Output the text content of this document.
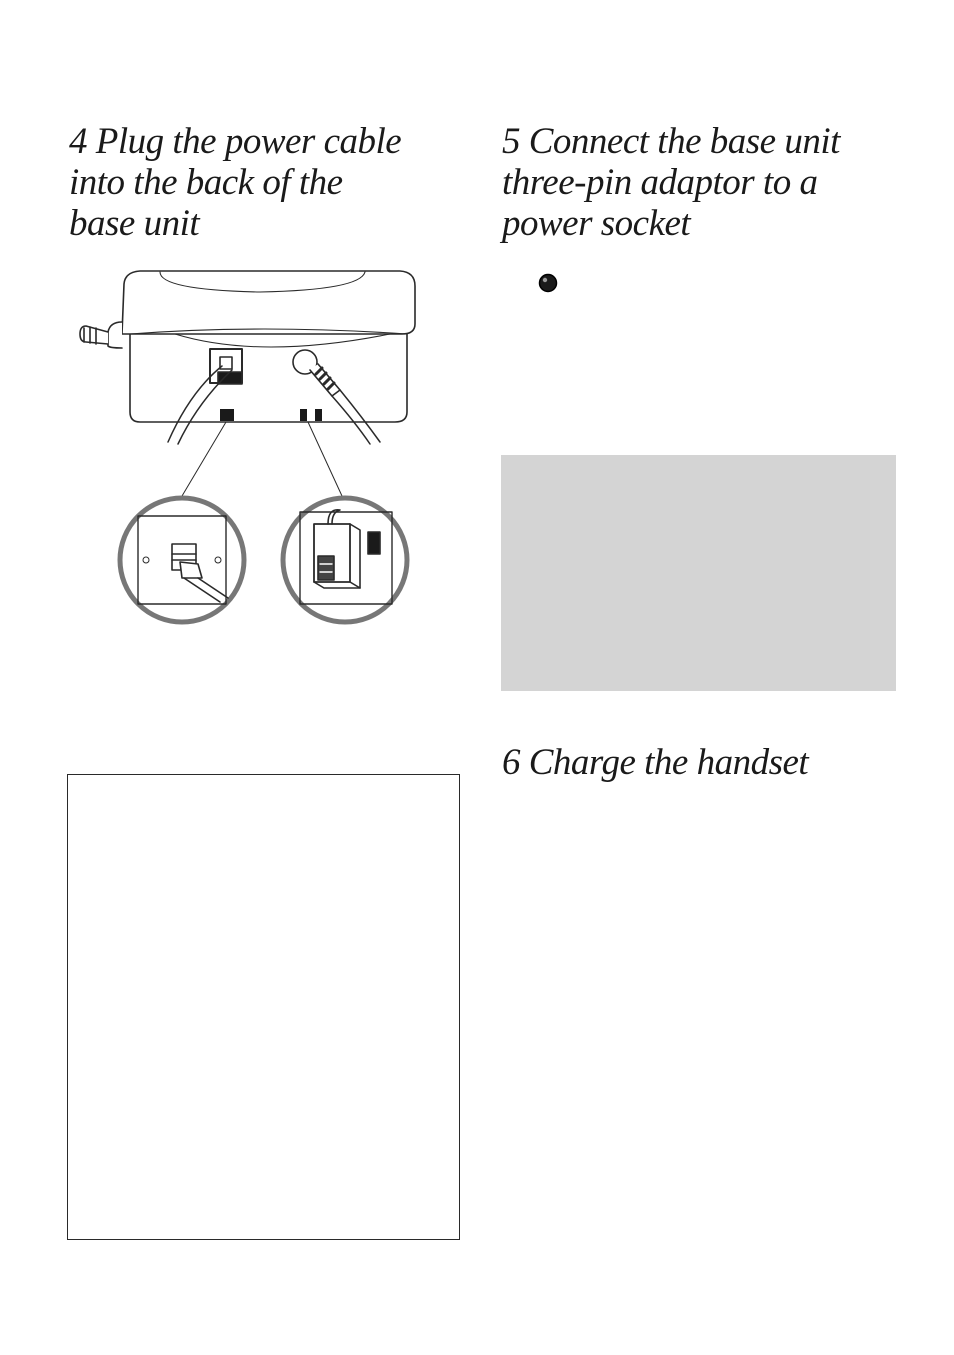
4 Plug the power cable
into the back of the
base unit
5 Connect the base unit
three-pin adaptor to a
power socket
6 Charge the handset
